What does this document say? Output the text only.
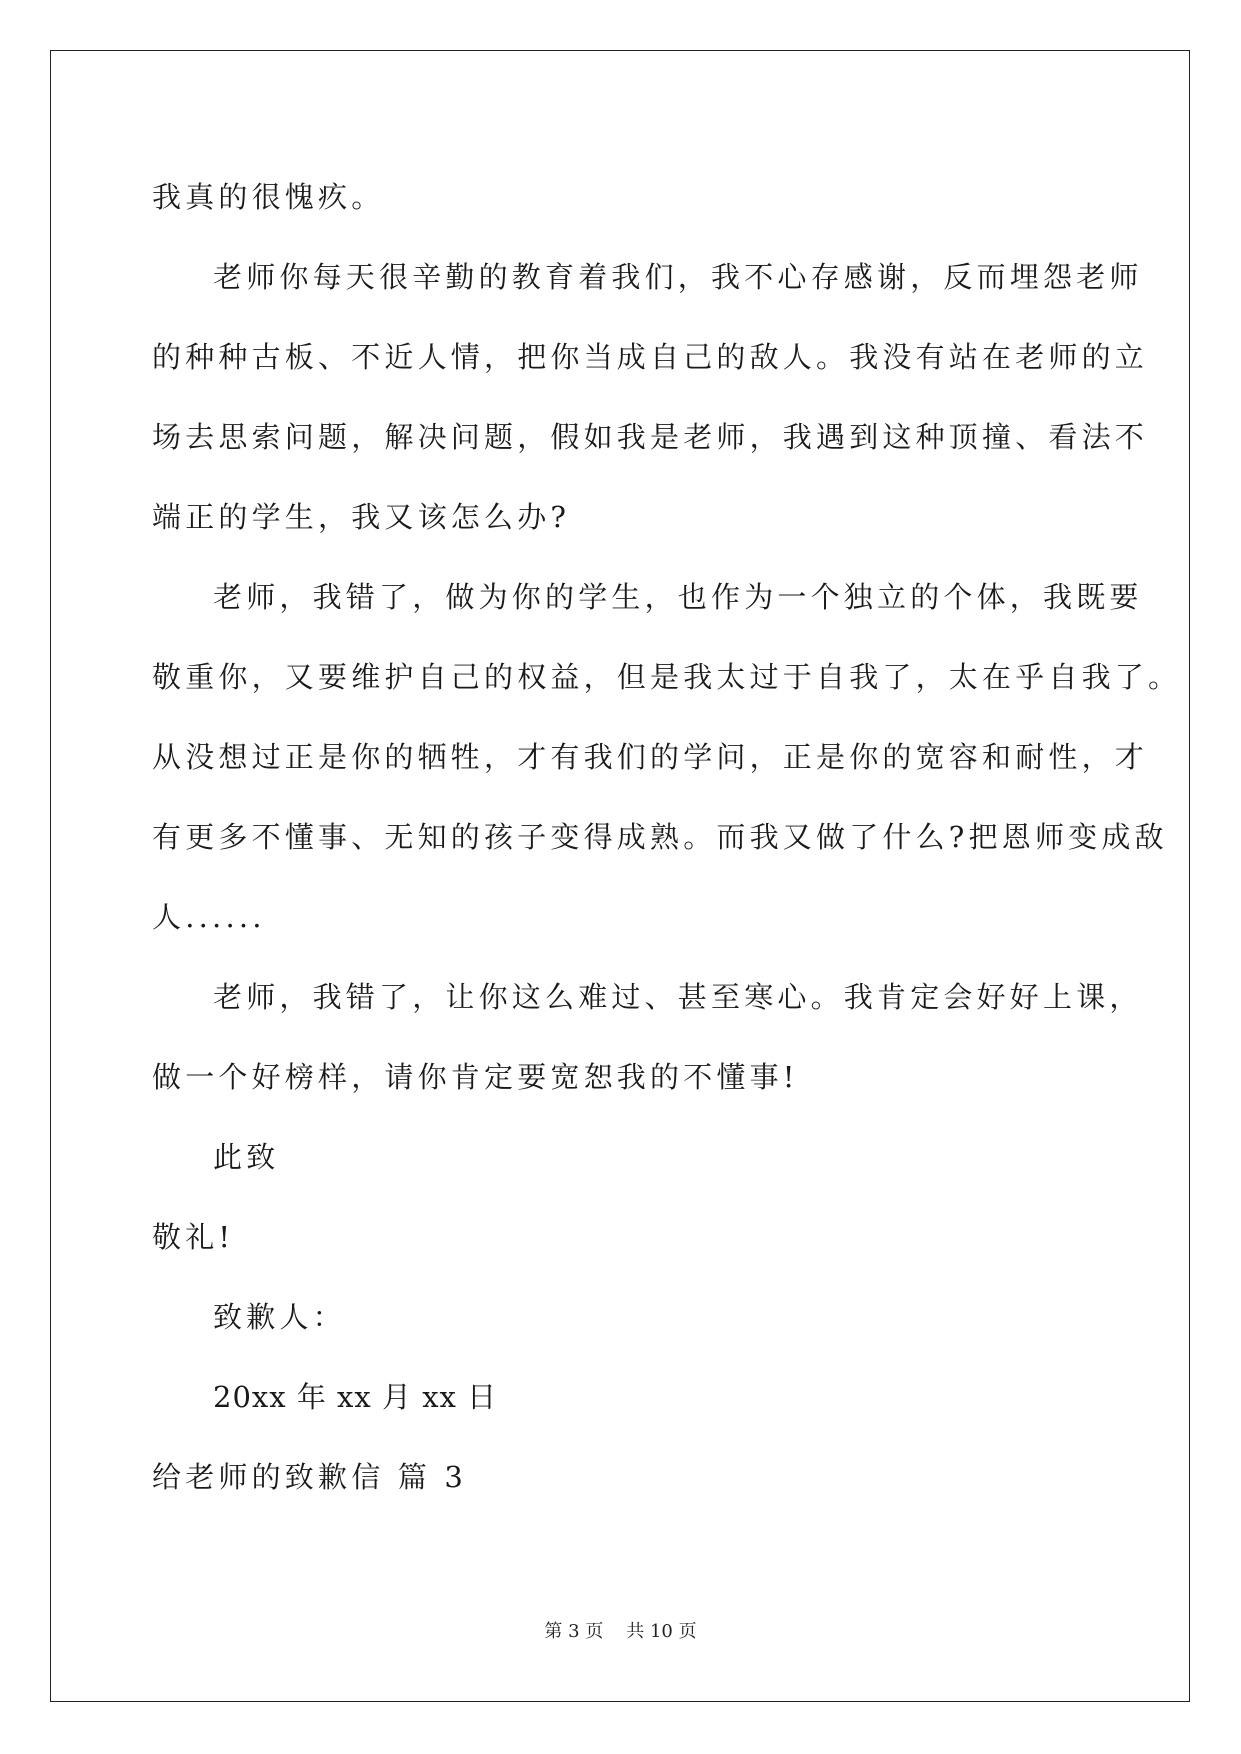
我真的很愧疚。
老师你每天很辛勤的教育着我们，我不心存感谢，反而埋怨老师
的种种古板、不近人情，把你当成自己的敌人。我没有站在老师的立
场去思索问题，解决问题，假如我是老师，我遇到这种顶撞、看法不
端正的学生，我又该怎么办?
老师，我错了，做为你的学生，也作为一个独立的个体，我既要
敬重你，又要维护自己的权益，但是我太过于自我了，太在乎自我了。
从没想过正是你的牺牲，才有我们的学问，正是你的宽容和耐性，才
有更多不懂事、无知的孩子变得成熟。而我又做了什么?把恩师变成敌
人......
老师，我错了，让你这么难过、甚至寒心。我肯定会好好上课，
做一个好榜样，请你肯定要宽恕我的不懂事!
此致
敬礼!
致歉人：
20xx 年 xx 月 xx 日
给老师的致歉信 篇 3
第 3 页 共 10 页
